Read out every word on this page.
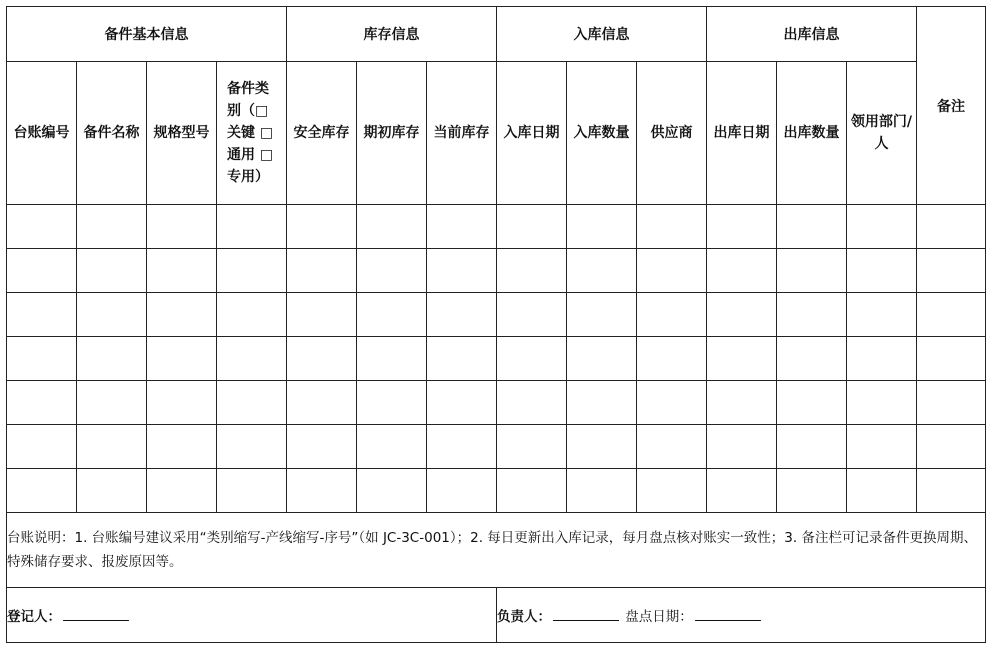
备件基本信息				库存信息			入库信息			出库信息			备注
台账编号	备件名称	规格型号	备件类别（□关键 □通用 □专用）	安全库存	期初库存	当前库存	入库日期	入库数量	供应商	出库日期	出库数量	领用部门/人	

台账说明：1. 台账编号建议采用“类别缩写-产线缩写-序号”（如 JC-3C-001）；2. 每日更新出入库记录，每月盘点核对账实一致性；3. 备注栏可记录备件更换周期、特殊储存要求、报废原因等。													
登记人：							负责人： 盘点日期：						
